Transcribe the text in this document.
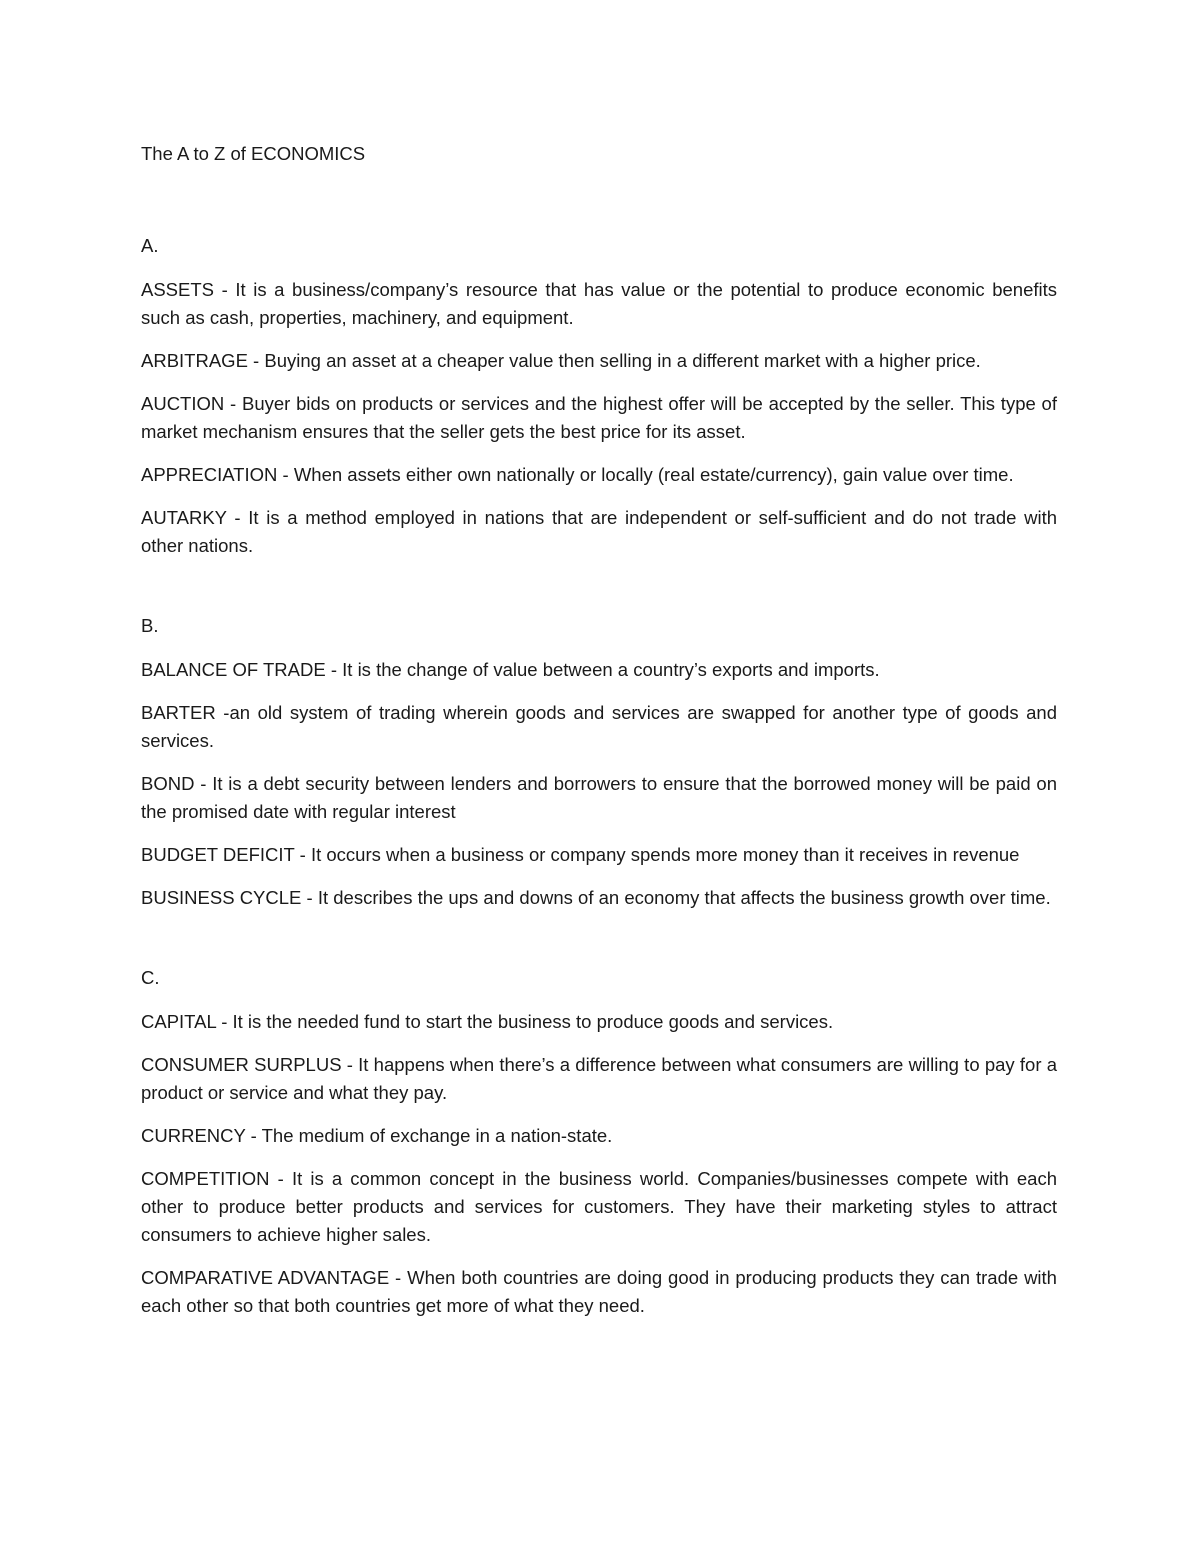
The A to Z of ECONOMICS

A.

ASSETS - It is a business/company’s resource that has value or the potential to produce economic benefits such as cash, properties, machinery, and equipment.

ARBITRAGE - Buying an asset at a cheaper value then selling in a different market with a higher price.

AUCTION - Buyer bids on products or services and the highest offer will be accepted by the seller. This type of market mechanism ensures that the seller gets the best price for its asset.

APPRECIATION - When assets either own nationally or locally (real estate/currency), gain value over time.

AUTARKY - It is a method employed in nations that are independent or self-sufficient and do not trade with other nations.

B.

BALANCE OF TRADE - It is the change of value between a country’s exports and imports.

BARTER -an old system of trading wherein goods and services are swapped for another type of goods and services.

BOND - It is a debt security between lenders and borrowers to ensure that the borrowed money will be paid on the promised date with regular interest

BUDGET DEFICIT - It occurs when a business or company spends more money than it receives in revenue

BUSINESS CYCLE - It describes the ups and downs of an economy that affects the business growth over time.

C.

CAPITAL - It is the needed fund to start the business to produce goods and services.

CONSUMER SURPLUS - It happens when there’s a difference between what consumers are willing to pay for a product or service and what they pay.

CURRENCY - The medium of exchange in a nation-state.

COMPETITION - It is a common concept in the business world. Companies/businesses compete with each other to produce better products and services for customers. They have their marketing styles to attract consumers to achieve higher sales.

COMPARATIVE ADVANTAGE - When both countries are doing good in producing products they can trade with each other so that both countries get more of what they need.
